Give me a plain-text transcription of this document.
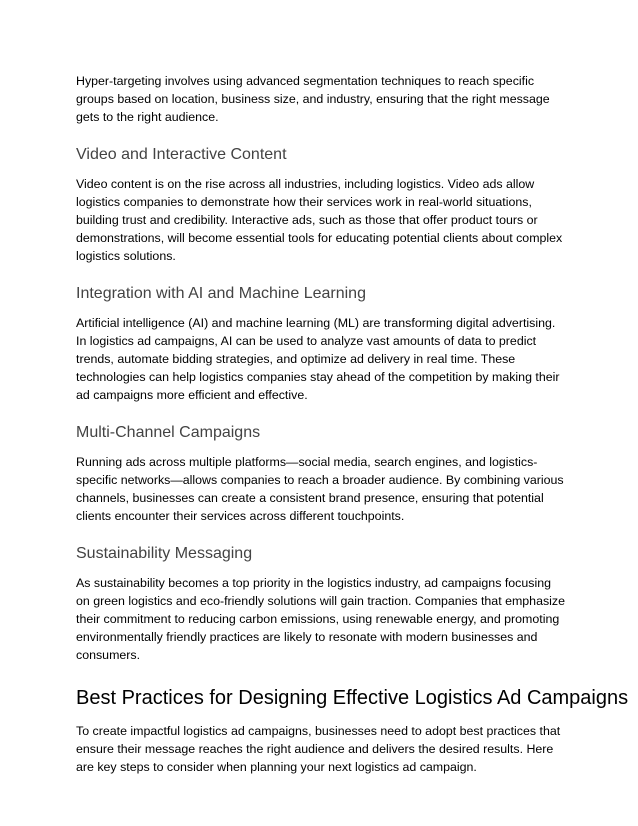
Hyper-targeting involves using advanced segmentation techniques to reach specific groups based on location, business size, and industry, ensuring that the right message gets to the right audience.

Video and Interactive Content

Video content is on the rise across all industries, including logistics. Video ads allow logistics companies to demonstrate how their services work in real-world situations, building trust and credibility. Interactive ads, such as those that offer product tours or demonstrations, will become essential tools for educating potential clients about complex logistics solutions.

Integration with AI and Machine Learning

Artificial intelligence (AI) and machine learning (ML) are transforming digital advertising. In logistics ad campaigns, AI can be used to analyze vast amounts of data to predict trends, automate bidding strategies, and optimize ad delivery in real time. These technologies can help logistics companies stay ahead of the competition by making their ad campaigns more efficient and effective.

Multi-Channel Campaigns

Running ads across multiple platforms—social media, search engines, and logistics-specific networks—allows companies to reach a broader audience. By combining various channels, businesses can create a consistent brand presence, ensuring that potential clients encounter their services across different touchpoints.

Sustainability Messaging

As sustainability becomes a top priority in the logistics industry, ad campaigns focusing on green logistics and eco-friendly solutions will gain traction. Companies that emphasize their commitment to reducing carbon emissions, using renewable energy, and promoting environmentally friendly practices are likely to resonate with modern businesses and consumers.

Best Practices for Designing Effective Logistics Ad Campaigns

To create impactful logistics ad campaigns, businesses need to adopt best practices that ensure their message reaches the right audience and delivers the desired results. Here are key steps to consider when planning your next logistics ad campaign.
